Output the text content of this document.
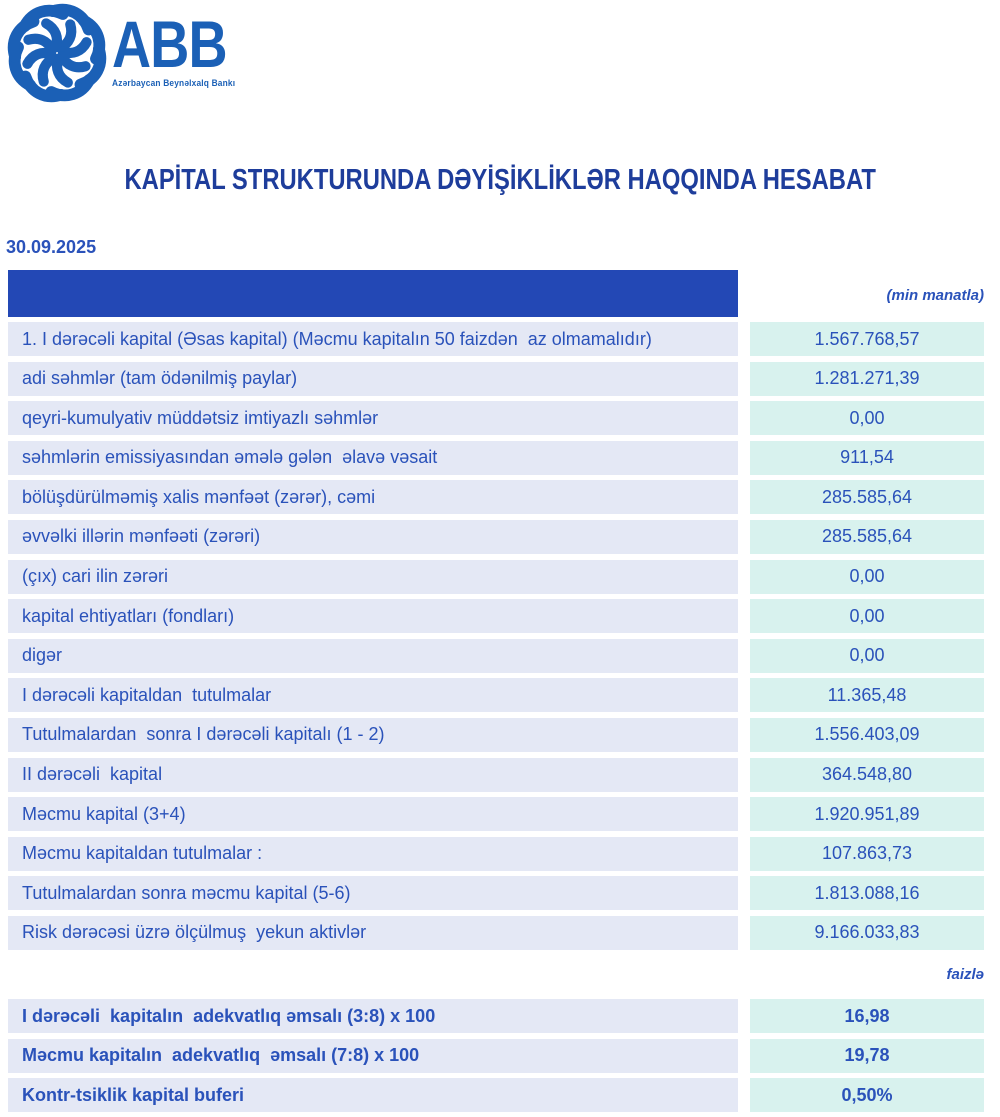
ABB
Azərbaycan Beynəlxalq Bankı
KAPİTAL STRUKTURUNDA DƏYİŞİKLİKLƏR HAQQINDA HESABAT
30.09.2025
(min manatla)
1. I dərəcəli kapital (Əsas kapital) (Məcmu kapitalın 50 faizdən  az olmamalıdır)	1.567.768,57
adi səhmlər (tam ödənilmiş paylar)	1.281.271,39
qeyri-kumulyativ müddətsiz imtiyazlı səhmlər	0,00
səhmlərin emissiyasından əmələ gələn  əlavə vəsait	911,54
bölüşdürülməmiş xalis mənfəət (zərər), cəmi	285.585,64
əvvəlki illərin mənfəəti (zərəri)	285.585,64
(çıx) cari ilin zərəri	0,00
kapital ehtiyatları (fondları)	0,00
digər	0,00
I dərəcəli kapitaldan  tutulmalar	11.365,48
Tutulmalardan  sonra I dərəcəli kapitalı (1 - 2)	1.556.403,09
II dərəcəli  kapital	364.548,80
Məcmu kapital (3+4)	1.920.951,89
Məcmu kapitaldan tutulmalar :	107.863,73
Tutulmalardan sonra məcmu kapital (5-6)	1.813.088,16
Risk dərəcəsi üzrə ölçülmuş  yekun aktivlər	9.166.033,83
faizlə
I dərəcəli  kapitalın  adekvatlıq əmsalı (3:8) x 100	16,98
Məcmu kapitalın  adekvatlıq  əmsalı (7:8) x 100	19,78
Kontr-tsiklik kapital buferi	0,50%
